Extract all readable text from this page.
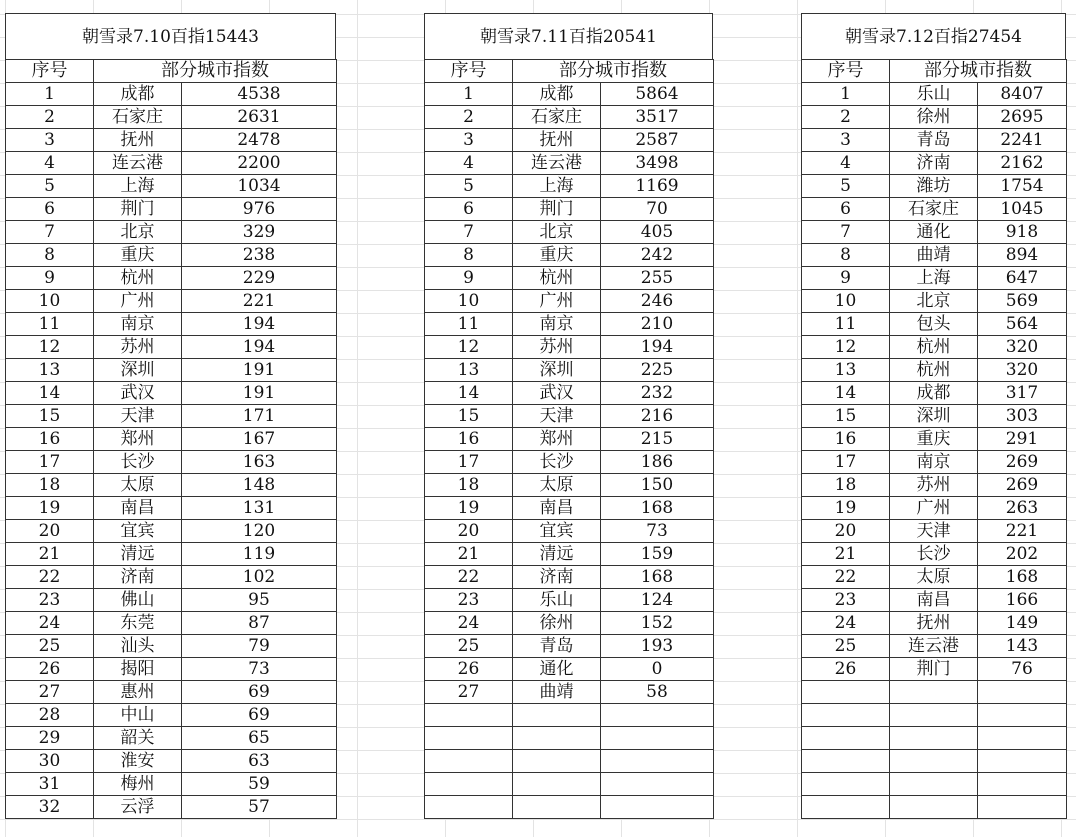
朝雪录7.10百指15443
序号	部分城市指数	
1	成都	4538
2	石家庄	2631
3	抚州	2478
4	连云港	2200
5	上海	1034
6	荆门	976
7	北京	329
8	重庆	238
9	杭州	229
10	广州	221
11	南京	194
12	苏州	194
13	深圳	191
14	武汉	191
15	天津	171
16	郑州	167
17	长沙	163
18	太原	148
19	南昌	131
20	宜宾	120
21	清远	119
22	济南	102
23	佛山	95
24	东莞	87
25	汕头	79
26	揭阳	73
27	惠州	69
28	中山	69
29	韶关	65
30	淮安	63
31	梅州	59
32	云浮	57
朝雪录7.11百指20541
序号	部分城市指数	
1	成都	5864
2	石家庄	3517
3	抚州	2587
4	连云港	3498
5	上海	1169
6	荆门	70
7	北京	405
8	重庆	242
9	杭州	255
10	广州	246
11	南京	210
12	苏州	194
13	深圳	225
14	武汉	232
15	天津	216
16	郑州	215
17	长沙	186
18	太原	150
19	南昌	168
20	宜宾	73
21	清远	159
22	济南	168
23	乐山	124
24	徐州	152
25	青岛	193
26	通化	0
27	曲靖	58

朝雪录7.12百指27454
序号	部分城市指数	
1	乐山	8407
2	徐州	2695
3	青岛	2241
4	济南	2162
5	潍坊	1754
6	石家庄	1045
7	通化	918
8	曲靖	894
9	上海	647
10	北京	569
11	包头	564
12	杭州	320
13	杭州	320
14	成都	317
15	深圳	303
16	重庆	291
17	南京	269
18	苏州	269
19	广州	263
20	天津	221
21	长沙	202
22	太原	168
23	南昌	166
24	抚州	149
25	连云港	143
26	荆门	76
